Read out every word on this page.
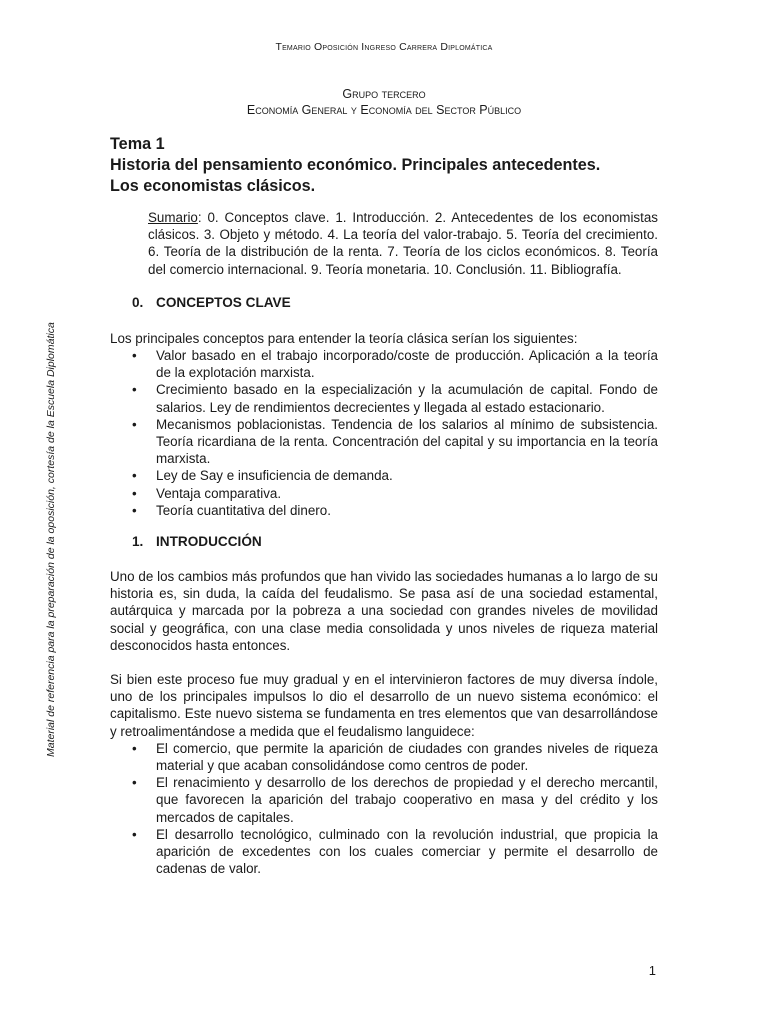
Temario Oposición Ingreso Carrera Diplomática
Grupo tercero
Economía General y Economía del Sector Público
Material de referencia para la preparación de la oposición, cortesía de la Escuela Diplomática
Tema 1
Historia del pensamiento económico. Principales antecedentes.
Los economistas clásicos.
Sumario: 0. Conceptos clave. 1. Introducción. 2. Antecedentes de los economistas clásicos. 3. Objeto y método. 4. La teoría del valor-trabajo. 5. Teoría del crecimiento. 6. Teoría de la distribución de la renta. 7. Teoría de los ciclos económicos. 8. Teoría del comercio internacional. 9. Teoría monetaria. 10. Conclusión. 11. Bibliografía.
0. CONCEPTOS CLAVE

Los principales conceptos para entender la teoría clásica serían los siguientes:

• Valor basado en el trabajo incorporado/coste de producción. Aplicación a la teoría de la explotación marxista.
• Crecimiento basado en la especialización y la acumulación de capital. Fondo de salarios. Ley de rendimientos decrecientes y llegada al estado estacionario.
• Mecanismos poblacionistas. Tendencia de los salarios al mínimo de subsistencia. Teoría ricardiana de la renta. Concentración del capital y su importancia en la teoría marxista.
• Ley de Say e insuficiencia de demanda.
• Ventaja comparativa.
• Teoría cuantitativa del dinero.
1. INTRODUCCIÓN

Uno de los cambios más profundos que han vivido las sociedades humanas a lo largo de su historia es, sin duda, la caída del feudalismo. Se pasa así de una sociedad estamental, autárquica y marcada por la pobreza a una sociedad con grandes niveles de movilidad social y geográfica, con una clase media consolidada y unos niveles de riqueza material desconocidos hasta entonces.

Si bien este proceso fue muy gradual y en el intervinieron factores de muy diversa índole, uno de los principales impulsos lo dio el desarrollo de un nuevo sistema económico: el capitalismo. Este nuevo sistema se fundamenta en tres elementos que van desarrollándose y retroalimentándose a medida que el feudalismo languidece:

• El comercio, que permite la aparición de ciudades con grandes niveles de riqueza material y que acaban consolidándose como centros de poder.
• El renacimiento y desarrollo de los derechos de propiedad y el derecho mercantil, que favorecen la aparición del trabajo cooperativo en masa y del crédito y los mercados de capitales.
• El desarrollo tecnológico, culminado con la revolución industrial, que propicia la aparición de excedentes con los cuales comerciar y permite el desarrollo de cadenas de valor.
1
